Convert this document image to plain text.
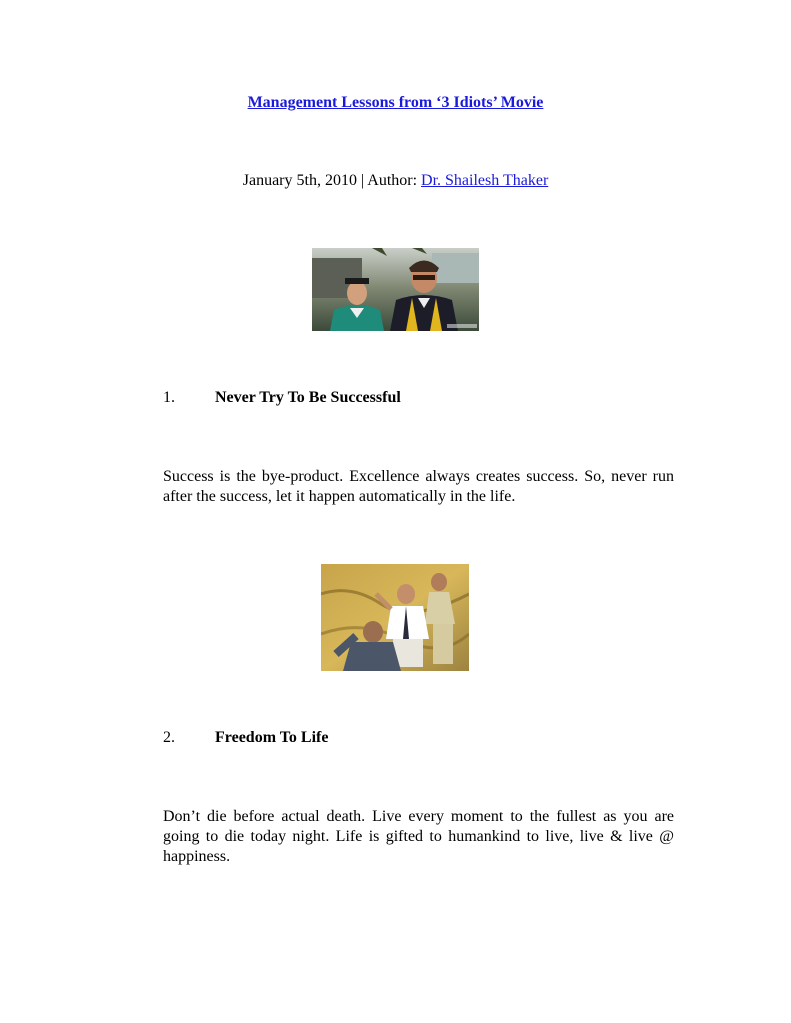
Management Lessons from ‘3 Idiots’ Movie
January 5th, 2010 | Author: Dr. Shailesh Thaker
1.	Never Try To Be Successful

Success is the bye-product. Excellence always creates success. So, never run after the success, let it happen automatically in the life.

2.	Freedom To Life

Don’t die before actual death. Live every moment to the fullest as you are going to die today night. Life is gifted to humankind to live, live & live @ happiness.
